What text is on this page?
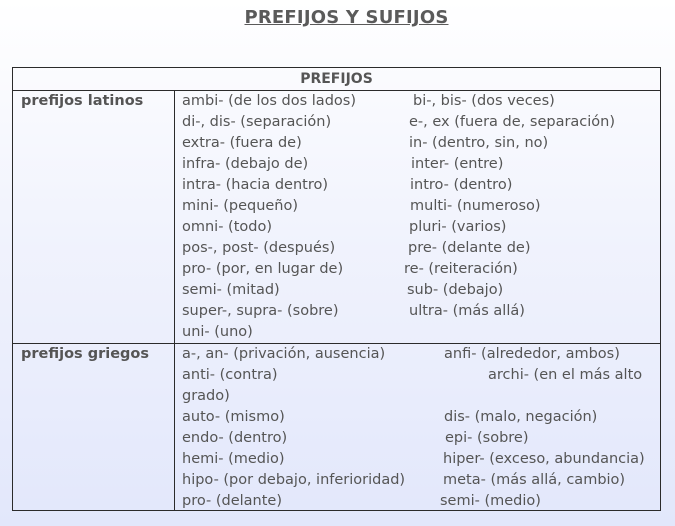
PREFIJOS Y SUFIJOS
PREFIJOS
prefijos latinos	ambi- (de los dos lados)
di-, dis- (separación)
extra- (fuera de)
infra- (debajo de)
intra- (hacia dentro)
mini- (pequeño)
omni- (todo)
pos-, post- (después)
pro- (por, en lugar de)
semi- (mitad)
super-, supra- (sobre)
uni- (uno)
bi-, bis- (dos veces)
e-, ex (fuera de, separación)
in- (dentro, sin, no)
inter- (entre)
intro- (dentro)
multi- (numeroso)
pluri- (varios)
pre- (delante de)
re- (reiteración)
sub- (debajo)
ultra- (más allá)
prefijos griegos a-, an- (privación, ausencia)
anti- (contra)
grado)
auto- (mismo)
endo- (dentro)
hemi- (medio)
hipo- (por debajo, inferioridad)
pro- (delante)
anfi- (alrededor, ambos)
archi- (en el más alto
dis- (malo, negación)
epi- (sobre)
hiper- (exceso, abundancia)
meta- (más allá, cambio)
semi- (medio)
